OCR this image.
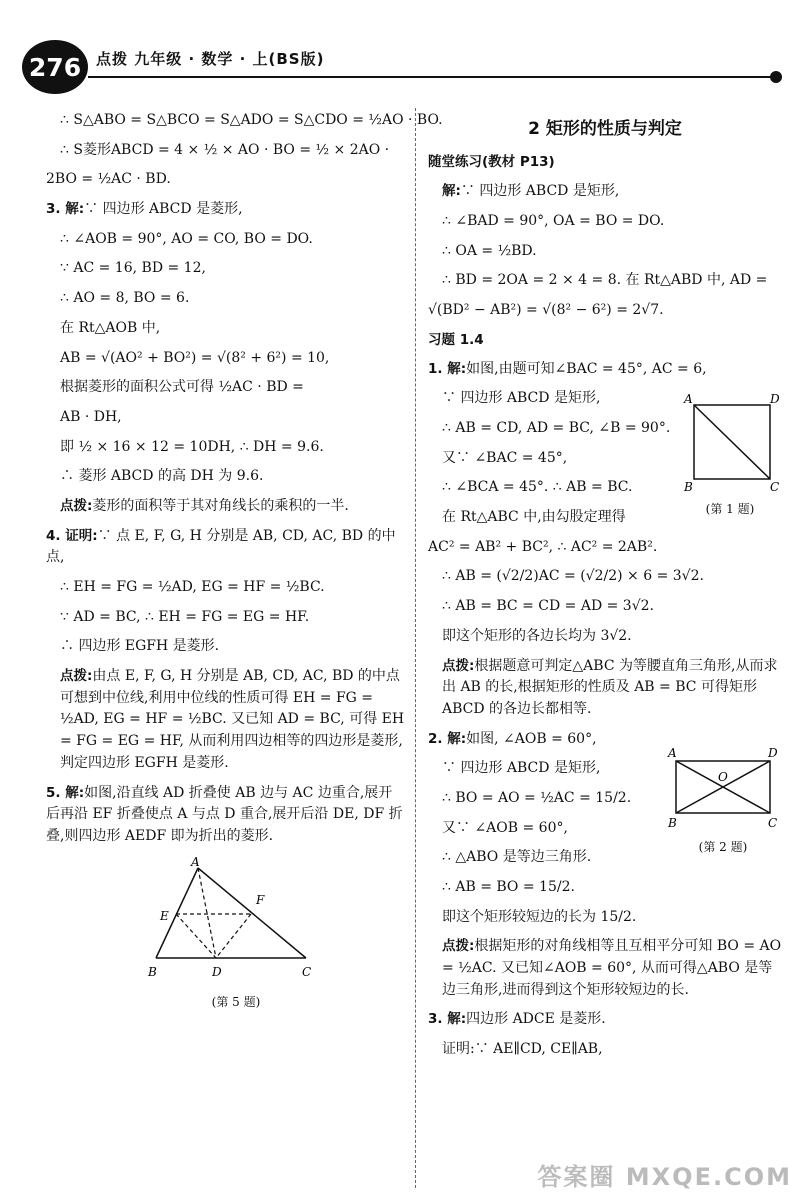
276 点拨 九年级 · 数学 · 上(BS版)

∴ S△ABO = S△BCO = S△ADO = S△CDO = ½AO · BO.

∴ S菱形ABCD = 4 × ½ × AO · BO = ½ × 2AO ·

2BO = ½AC · BD.

3. 解:∵ 四边形 ABCD 是菱形,

∴ ∠AOB = 90°, AO = CO, BO = DO.

∵ AC = 16, BD = 12,

∴ AO = 8, BO = 6.

在 Rt△AOB 中,

AB = √(AO² + BO²) = √(8² + 6²) = 10,

根据菱形的面积公式可得 ½AC · BD =

AB · DH,

即 ½ × 16 × 12 = 10DH, ∴ DH = 9.6.

∴ 菱形 ABCD 的高 DH 为 9.6.

点拨:菱形的面积等于其对角线长的乘积的一半.

4. 证明:∵ 点 E, F, G, H 分别是 AB, CD, AC, BD 的中点,

∴ EH = FG = ½AD, EG = HF = ½BC.

∵ AD = BC, ∴ EH = FG = EG = HF.

∴ 四边形 EGFH 是菱形.

点拨:由点 E, F, G, H 分别是 AB, CD, AC, BD 的中点可想到中位线,利用中位线的性质可得 EH = FG = ½AD, EG = HF = ½BC. 又已知 AD = BC, 可得 EH = FG = EG = HF, 从而利用四边相等的四边形是菱形,判定四边形 EGFH 是菱形.

5. 解:如图,沿直线 AD 折叠使 AB 边与 AC 边重合,展开后再沿 EF 折叠使点 A 与点 D 重合,展开后沿 DE, DF 折叠,则四边形 AEDF 即为折出的菱形.

A
E
F
B	D	C
(第 5 题)
2 矩形的性质与判定

随堂练习(教材 P13)

解:∵ 四边形 ABCD 是矩形,

∴ ∠BAD = 90°, OA = BO = DO.

∴ OA = ½BD.

∴ BD = 2OA = 2 × 4 = 8. 在 Rt△ABD 中, AD =

√(BD² − AB²) = √(8² − 6²) = 2√7.

习题 1.4

A	D
B	C
(第 1 题)

1. 解:如图,由题可知∠BAC = 45°, AC = 6,

∵ 四边形 ABCD 是矩形,

∴ AB = CD, AD = BC, ∠B = 90°.

又∵ ∠BAC = 45°,

∴ ∠BCA = 45°. ∴ AB = BC.

在 Rt△ABC 中,由勾股定理得

AC² = AB² + BC², ∴ AC² = 2AB².

∴ AB = (√2/2)AC = (√2/2) × 6 = 3√2.

∴ AB = BC = CD = AD = 3√2.

即这个矩形的各边长均为 3√2.

点拨:根据题意可判定△ABC 为等腰直角三角形,从而求出 AB 的长,根据矩形的性质及 AB = BC 可得矩形 ABCD 的各边长都相等.

A	D
O
B	C
(第 2 题)

2. 解:如图, ∠AOB = 60°,

∵ 四边形 ABCD 是矩形,

∴ BO = AO = ½AC = 15/2.

又∵ ∠AOB = 60°,

∴ △ABO 是等边三角形.

∴ AB = BO = 15/2.

即这个矩形较短边的长为 15/2.

点拨:根据矩形的对角线相等且互相平分可知 BO = AO = ½AC. 又已知∠AOB = 60°, 从而可得△ABO 是等边三角形,进而得到这个矩形较短边的长.

3. 解:四边形 ADCE 是菱形.

证明:∵ AE∥CD, CE∥AB,

答案圈 MXQE.COM
